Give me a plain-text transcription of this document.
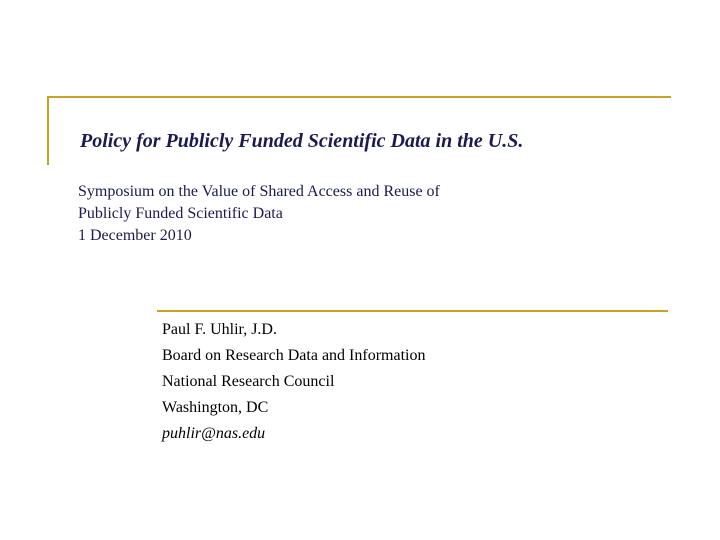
Policy for Publicly Funded Scientific Data in the U.S.
Symposium on the Value of Shared Access and Reuse of
Publicly Funded Scientific Data
1 December 2010
Paul F. Uhlir, J.D.
Board on Research Data and Information
National Research Council
Washington, DC
puhlir@nas.edu
